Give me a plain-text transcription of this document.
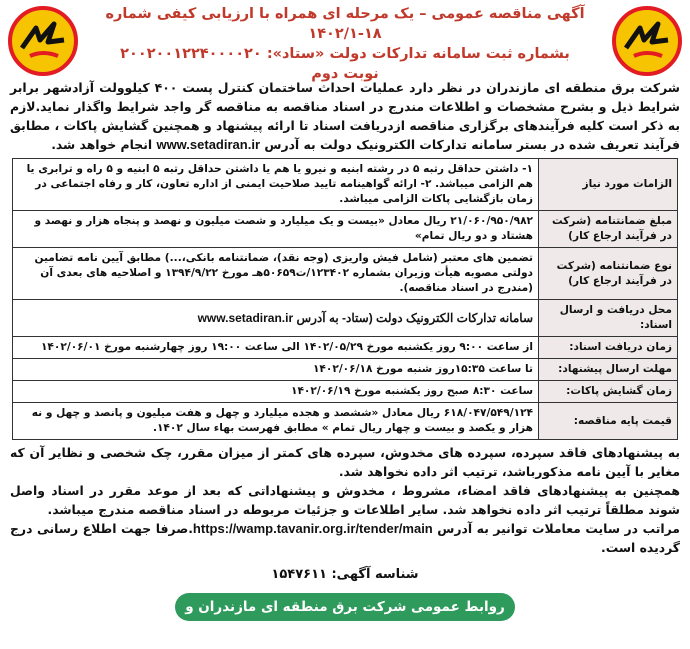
آگهی مناقصه عمومی – یک مرحله ای همراه با ارزیابی کیفی شماره ۱۸-۱۴۰۲/۱
بشماره ثبت سامانه تدارکات دولت «ستاد»: ۲۰۰۲۰۰۱۲۲۴۰۰۰۰۲۰
نوبت دوم
شرکت برق منطقه ای مازندران در نظر دارد عملیات احداث ساختمان کنترل پست ۴۰۰ کیلوولت آزادشهر برابر شرایط ذیل و بشرح مشخصات و اطلاعات مندرج در اسناد مناقصه به مناقصه گر واجد شرایط واگذار نماید.لازم به ذکر است کلیه فرآیندهای برگزاری مناقصه ازدریافت اسناد تا ارائه پیشنهاد و همچنین گشایش پاکات ، مطابق فرآیند تعریف شده در بستر سامانه تدارکات الکترونیک دولت به آدرس www.setadiran.ir انجام خواهد شد.
الزامات مورد نیاز	۱- داشتن حداقل رتبه ۵ در رشته ابنیه و نیرو یا هم یا داشتن حداقل رتبه ۵ ابنیه و ۵ راه و ترابری یا هم الزامی میباشد. ۲- ارائه گواهینامه تایید صلاحیت ایمنی از اداره تعاون، کار و رفاه اجتماعی در زمان بازگشایی پاکات الزامی میباشد.
مبلغ ضمانتنامه (شرکت در فرآیند ارجاع کار)	۲۱/۰۶۰/۹۵۰/۹۸۲ ریال معادل «بیست و یک میلیارد و شصت میلیون و نهصد و پنجاه هزار و نهصد و هشتاد و دو ریال تمام»
نوع ضمانتنامه (شرکت در فرآیند ارجاع کار)	تضمین های معتبر (شامل فیش واریزی (وجه نقد)، ضمانتنامه بانکی،...) مطابق آیین نامه تضامین دولتی مصوبه هیأت وزیران بشماره ۱۲۳۴۰۲/ت۵۰۶۵۹هـ مورخ ۱۳۹۴/۹/۲۲ و اصلاحیه های بعدی آن (مندرج در اسناد مناقصه).
محل دریافت و ارسال اسناد:	سامانه تدارکات الکترونیک دولت (ستاد- به آدرس www.setadiran.ir
زمان دریافت اسناد:	از ساعت ۹:۰۰ روز یکشنبه مورخ ۱۴۰۲/۰۵/۲۹ الی ساعت ۱۹:۰۰ روز چهارشنبه مورخ ۱۴۰۲/۰۶/۰۱
مهلت ارسال پیشنهاد:	تا ساعت ۱۵:۳۵روز شنبه مورخ ۱۴۰۲/۰۶/۱۸
زمان گشایش پاکات:	ساعت ۸:۳۰ صبح روز یکشنبه مورخ ۱۴۰۲/۰۶/۱۹
قیمت پایه مناقصه:	۶۱۸/۰۴۷/۵۴۹/۱۲۴ ریال معادل «ششصد و هجده میلیارد و چهل و هفت میلیون و پانصد و چهل و نه هزار و یکصد و بیست و چهار ریال تمام » مطابق فهرست بهاء سال ۱۴۰۲.
به پیشنهادهای فاقد سپرده، سپرده های مخدوش، سپرده های کمتر از میزان مقرر، چک شخصی و نظایر آن که مغایر با آیین نامه مذکورباشد، ترتیب اثر داده نخواهد شد.
همچنین به پیشنهادهای فاقد امضاء، مشروط ، مخدوش و پیشنهاداتی که بعد از موعد مقرر در اسناد واصل شوند مطلقاً ترتیب اثر داده نخواهد شد. سایر اطلاعات و جزئیات مربوطه در اسناد مناقصه مندرج میباشد.
مراتب در سایت معاملات توانیر به آدرس https://wamp.tavanir.org.ir/tender/main.صرفا جهت اطلاع رسانی درج گردیده است.
شناسه آگهی: ۱۵۴۷۶۱۱
روابط عمومی شرکت برق منطقه ای مازندران و گلستان
